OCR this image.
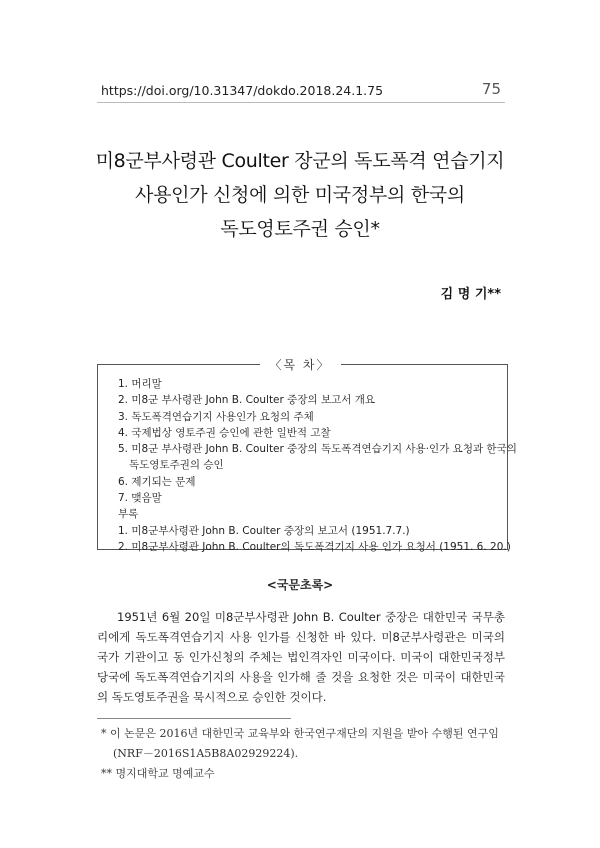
https://doi.org/10.31347/dokdo.2018.24.1.75	75
미8군부사령관 Coulter 장군의 독도폭격 연습기지
사용인가 신청에 의한 미국정부의 한국의
독도영토주권 승인*
김 명 기**
〈목 차〉
1. 머리말
2. 미8군 부사령관 John B. Coulter 중장의 보고서 개요
3. 독도폭격연습기지 사용인가 요청의 주체
4. 국제법상 영토주권 승인에 관한 일반적 고찰
5. 미8군 부사령관 John B. Coulter 중장의 독도폭격연습기지 사용·인가 요청과 한국의
독도영토주권의 승인
6. 제기되는 문제
7. 맺음말
부록
1. 미8군부사령관 John B. Coulter 중장의 보고서 (1951.7.7.)
2. 미8군부사령관 John B. Coulter의 독도폭격기지 사용 인가 요청서 (1951. 6. 20.)
<국문초록>

1951년 6월 20일 미8군부사령관 John B. Coulter 중장은 대한민국 국무총리에게 독도폭격연습기지 사용 인가를 신청한 바 있다. 미8군부사령관은 미국의 국가 기관이고 동 인가신청의 주체는 법인격자인 미국이다. 미국이 대한민국정부 당국에 독도폭격연습기지의 사용을 인가해 줄 것을 요청한 것은 미국이 대한민국의 독도영토주권을 묵시적으로 승인한 것이다.

* 이 논문은 2016년 대한민국 교육부와 한국연구재단의 지원을 받아 수행된 연구임(NRF－2016S1A5B8A02929224).
** 명지대학교 명예교수
